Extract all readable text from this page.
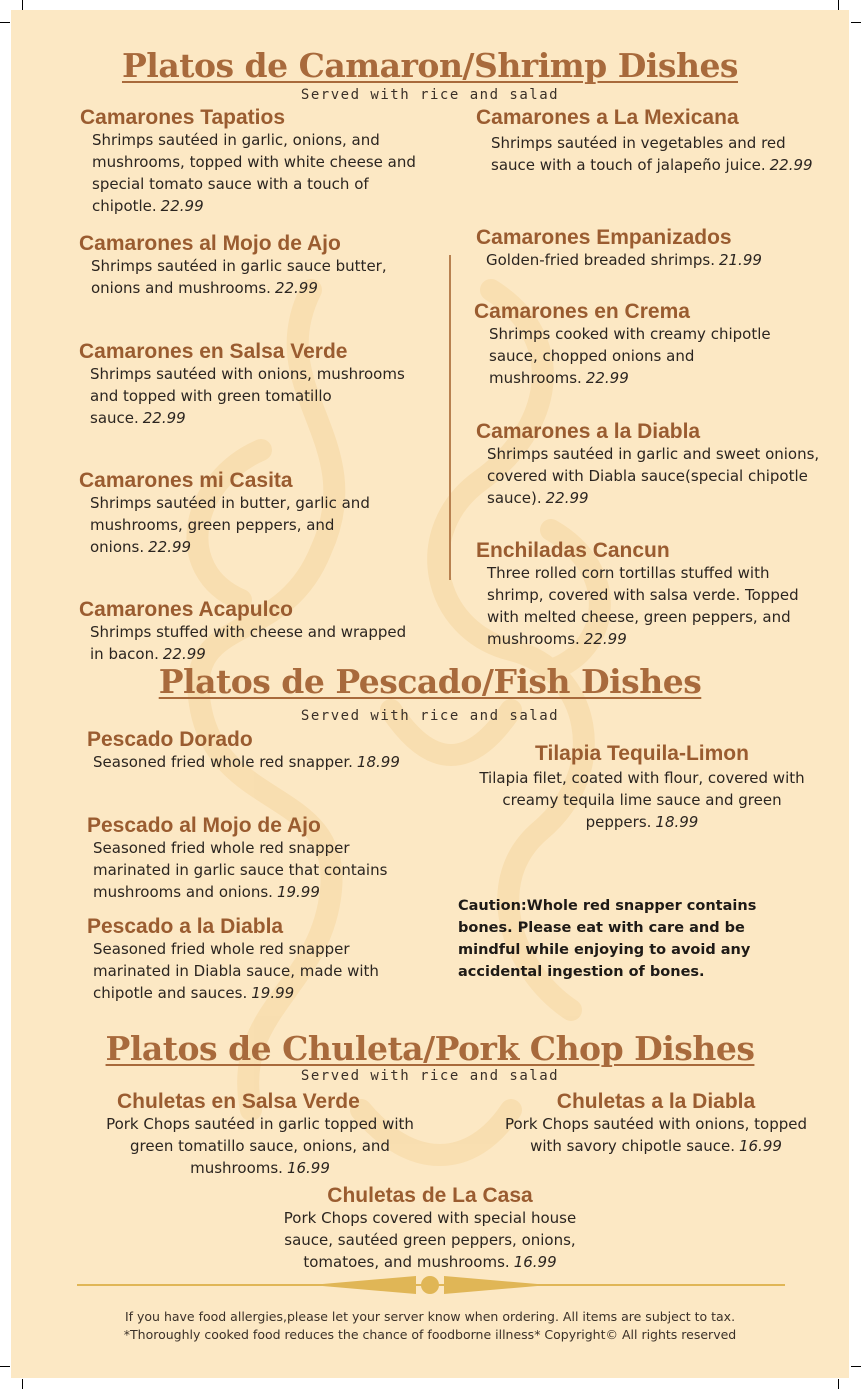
Platos de Camaron/Shrimp Dishes
Served with rice and salad

Camarones Tapatios

Shrimps sautéed in garlic, onions, and mushrooms, topped with white cheese and special tomato sauce with a touch of chipotle. 22.99

Camarones al Mojo de Ajo

Shrimps sautéed in garlic sauce butter, onions and mushrooms. 22.99

Camarones en Salsa Verde

Shrimps sautéed with onions, mushrooms and topped with green tomatillo sauce. 22.99

Camarones mi Casita

Shrimps sautéed in butter, garlic and mushrooms, green peppers, and onions. 22.99

Camarones Acapulco

Shrimps stuffed with cheese and wrapped in bacon. 22.99

Camarones a La Mexicana

Shrimps sautéed in vegetables and red sauce with a touch of jalapeño juice. 22.99

Camarones Empanizados

Golden-fried breaded shrimps. 21.99

Camarones en Crema

Shrimps cooked with creamy chipotle sauce, chopped onions and mushrooms. 22.99

Camarones a la Diabla

Shrimps sautéed in garlic and sweet onions, covered with Diabla sauce(special chipotle sauce). 22.99

Enchiladas Cancun

Three rolled corn tortillas stuffed with shrimp, covered with salsa verde. Topped with melted cheese, green peppers, and mushrooms. 22.99

Platos de Pescado/Fish Dishes
Served with rice and salad

Pescado Dorado

Seasoned fried whole red snapper. 18.99

Pescado al Mojo de Ajo

Seasoned fried whole red snapper marinated in garlic sauce that contains mushrooms and onions. 19.99

Pescado a la Diabla

Seasoned fried whole red snapper marinated in Diabla sauce, made with chipotle and sauces. 19.99

Tilapia Tequila-Limon

Tilapia filet, coated with flour, covered with creamy tequila lime sauce and green peppers. 18.99

Caution:Whole red snapper contains bones. Please eat with care and be mindful while enjoying to avoid any accidental ingestion of bones.

Platos de Chuleta/Pork Chop Dishes
Served with rice and salad

Chuletas en Salsa Verde

Pork Chops sautéed in garlic topped with green tomatillo sauce, onions, and mushrooms. 16.99

Chuletas a la Diabla

Pork Chops sautéed with onions, topped with savory chipotle sauce. 16.99

Chuletas de La Casa

Pork Chops covered with special house sauce, sautéed green peppers, onions, tomatoes, and mushrooms. 16.99

If you have food allergies,please let your server know when ordering. All items are subject to tax.
*Thoroughly cooked food reduces the chance of foodborne illness* Copyright© All rights reserved
